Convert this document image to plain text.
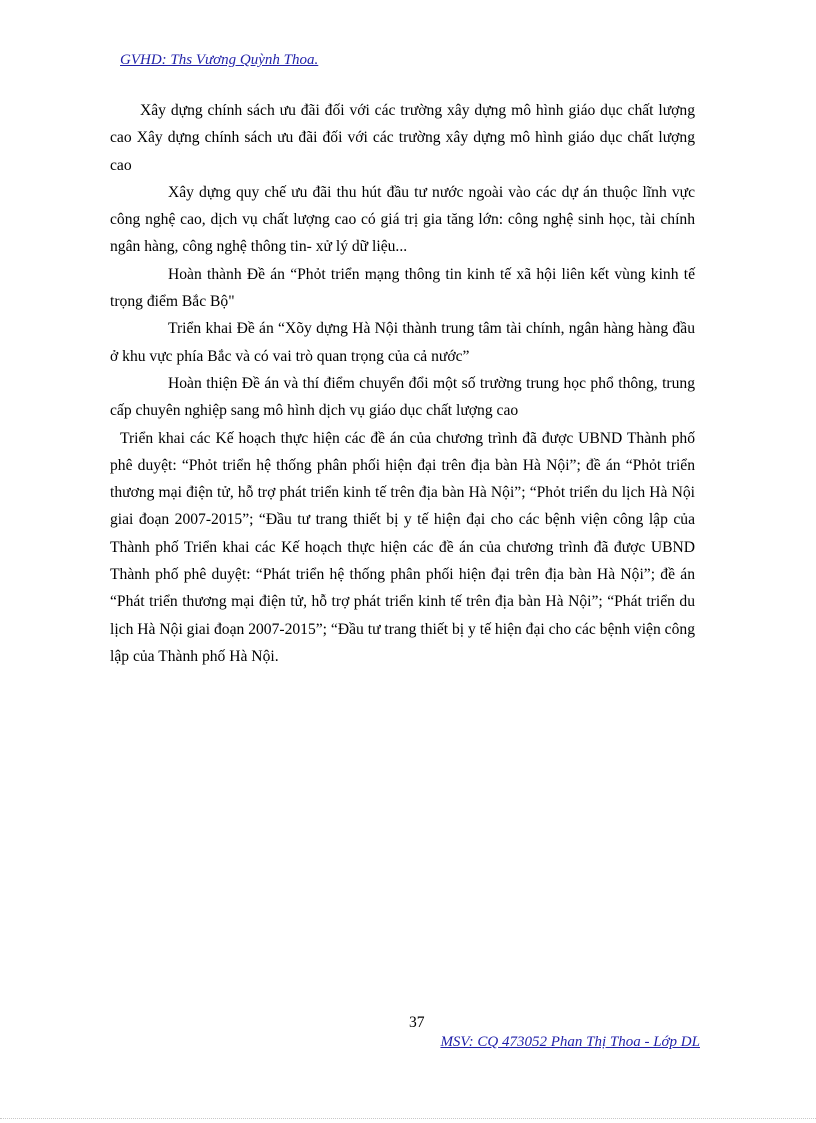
GVHD: Ths Vương Quỳnh Thoa.

Xây dựng chính sách ưu đãi đối với các trường xây dựng mô hình giáo dục chất lượng cao Xây dựng chính sách ưu đãi đối với các trường xây dựng mô hình giáo dục chất lượng cao

Xây dựng quy chế ưu đãi thu hút đầu tư nước ngoài vào các dự án thuộc lĩnh vực công nghệ cao, dịch vụ chất lượng cao có giá trị gia tăng lớn: công nghệ sinh học, tài chính ngân hàng, công nghệ thông tin- xử lý dữ liệu...

Hoàn thành Đề án “Phỏt triển mạng thông tin kinh tế xã hội liên kết vùng kinh tế trọng điểm Bắc Bộ"

Triển khai Đề án “Xõy dựng Hà Nội thành trung tâm tài chính, ngân hàng hàng đầu ở khu vực phía Bắc và có vai trò quan trọng của cả nước”

Hoàn thiện Đề án và thí điểm chuyển đổi một số trường trung học phổ thông, trung cấp chuyên nghiệp sang mô hình dịch vụ giáo dục chất lượng cao

Triển khai các Kế hoạch thực hiện các đề án của chương trình đã được UBND Thành phố phê duyệt: “Phỏt triển hệ thống phân phối hiện đại trên địa bàn Hà Nội”; đề án “Phỏt triển thương mại điện tử, hỗ trợ phát triển kinh tế trên địa bàn Hà Nội”; “Phỏt triển du lịch Hà Nội giai đoạn 2007-2015”; “Đầu tư trang thiết bị y tế hiện đại cho các bệnh viện công lập của Thành phố Triển khai các Kế hoạch thực hiện các đề án của chương trình đã được UBND Thành phố phê duyệt: “Phát triển hệ thống phân phối hiện đại trên địa bàn Hà Nội”; đề án “Phát triển thương mại điện tử, hỗ trợ phát triển kinh tế trên địa bàn Hà Nội”; “Phát triển du lịch Hà Nội giai đoạn 2007-2015”; “Đầu tư trang thiết bị y tế hiện đại cho các bệnh viện công lập của Thành phố Hà Nội.

37
MSV: CQ 473052 Phan Thị Thoa - Lớp DL
